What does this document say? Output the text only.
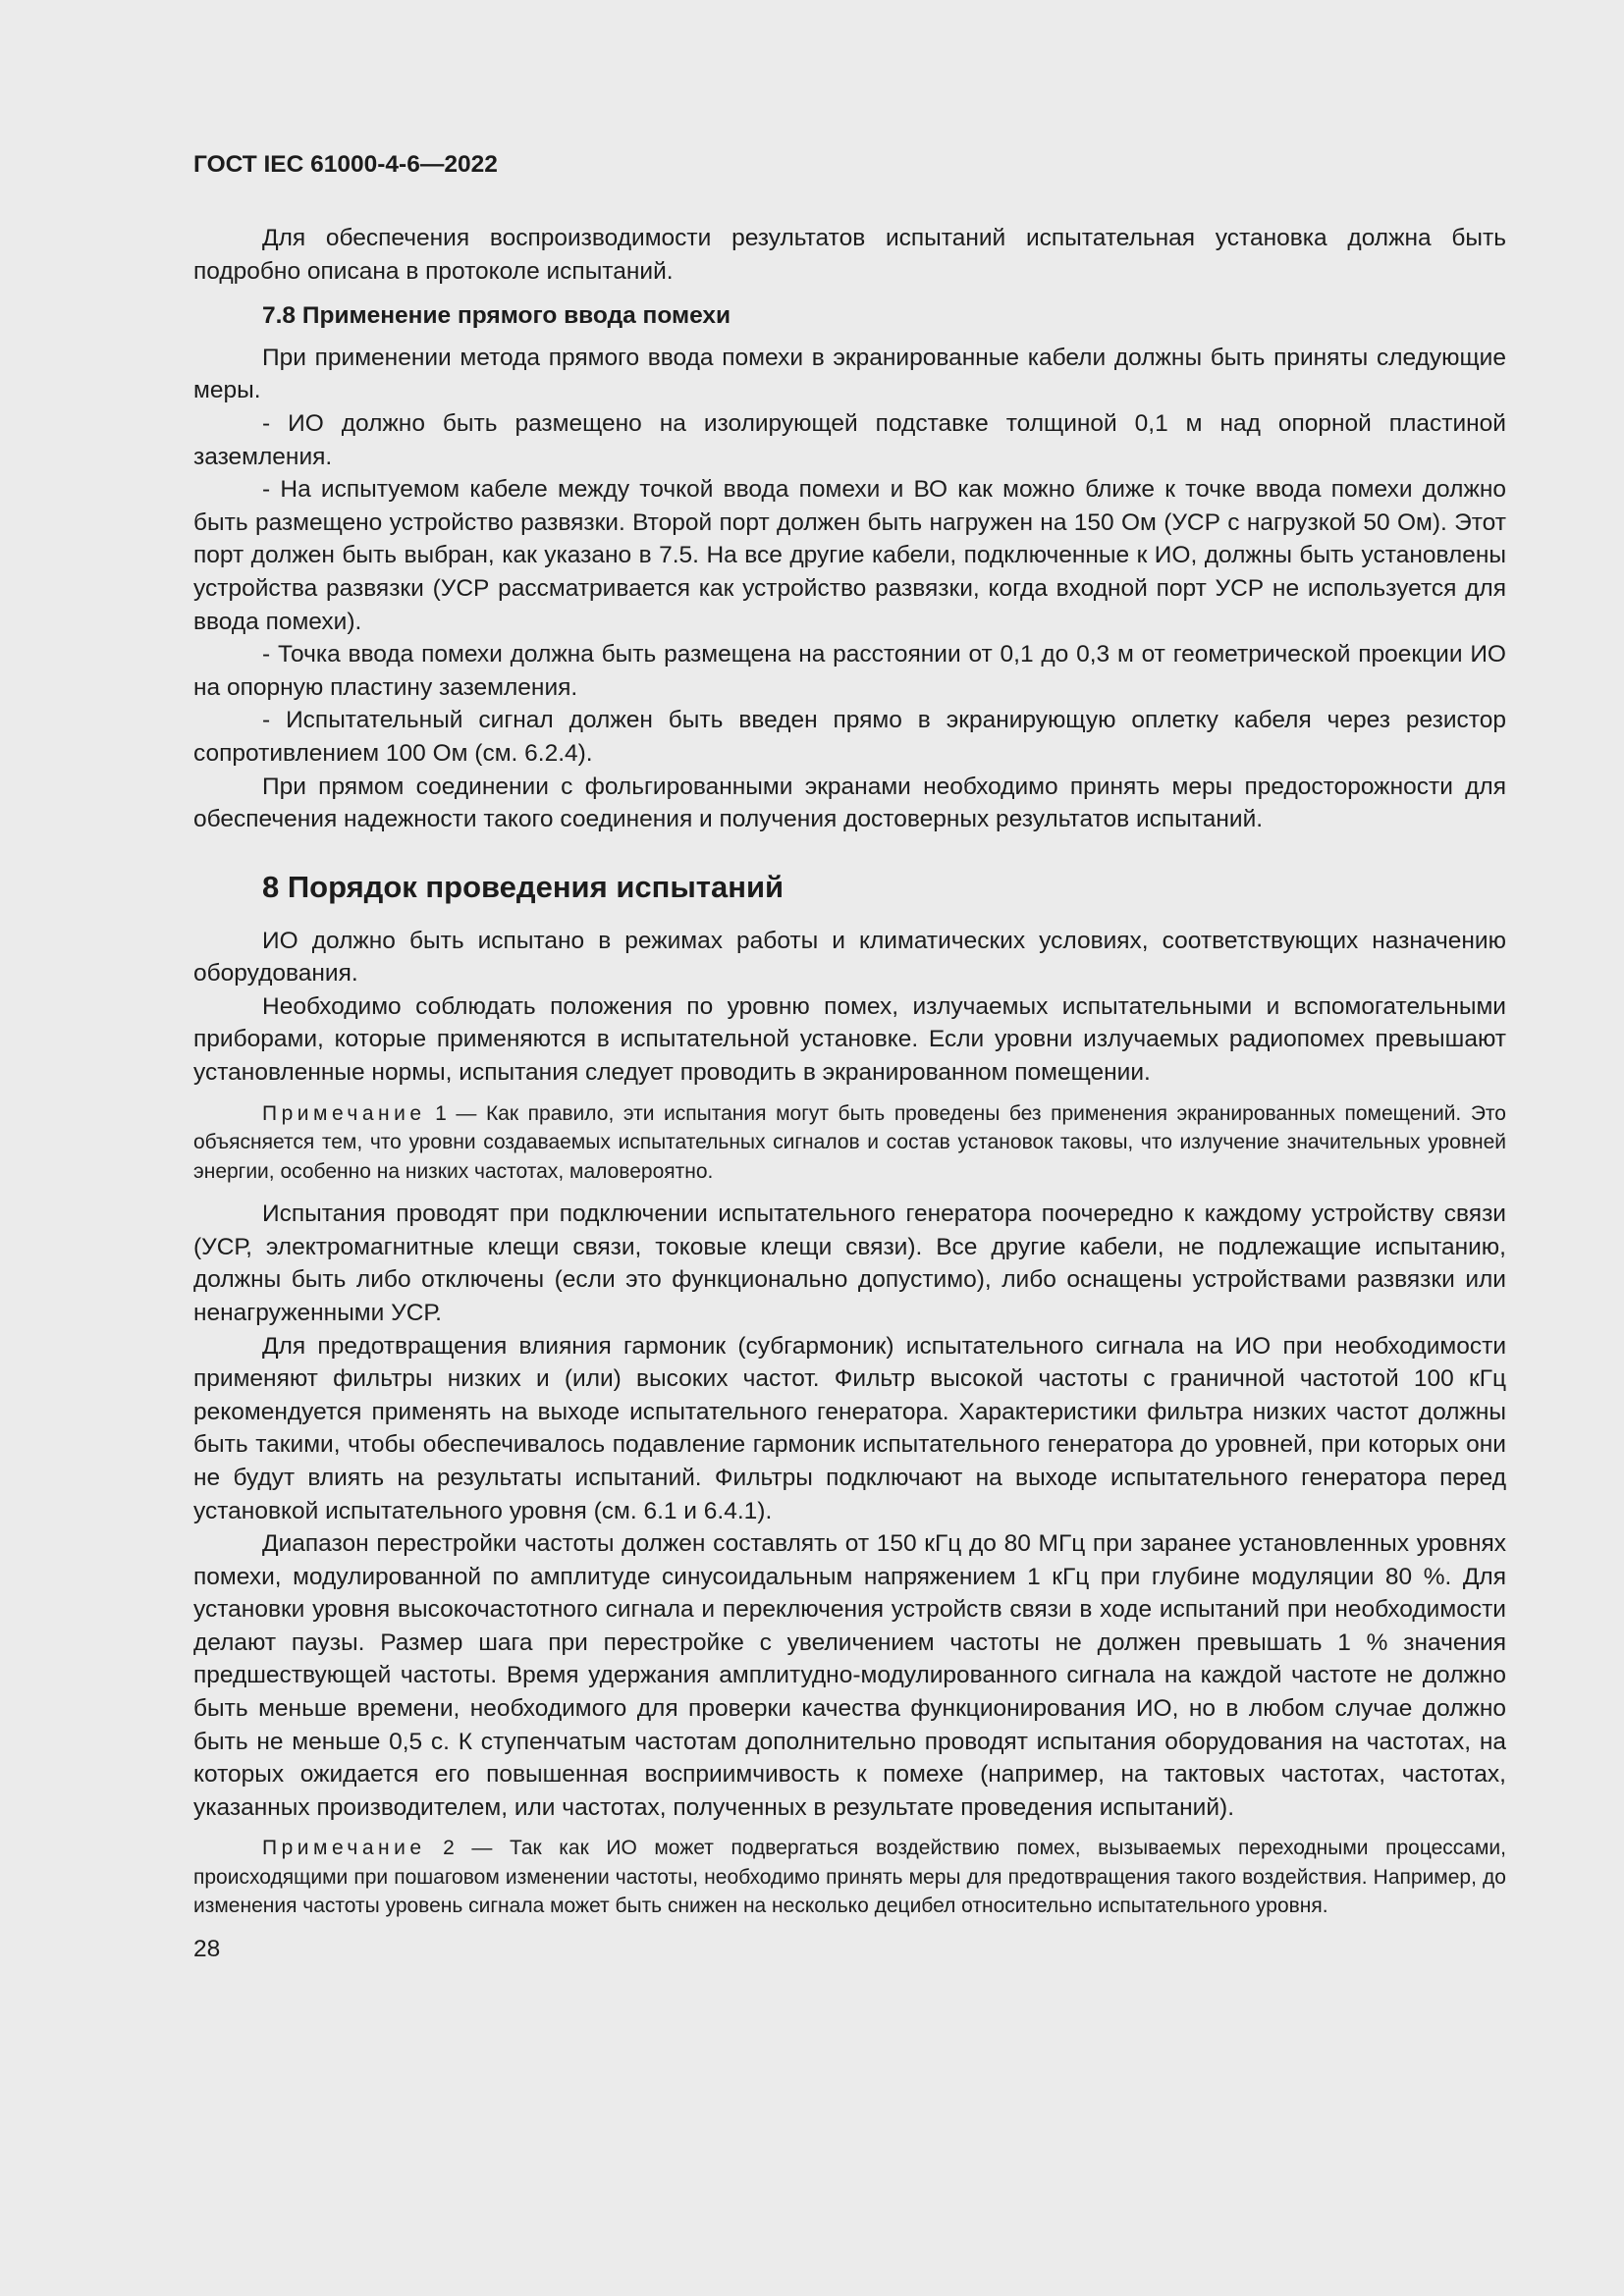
ГОСТ IEC 61000-4-6—2022

Для обеспечения воспроизводимости результатов испытаний испытательная установка должна быть подробно описана в протоколе испытаний.

7.8 Применение прямого ввода помехи

При применении метода прямого ввода помехи в экранированные кабели должны быть приняты следующие меры.

- ИО должно быть размещено на изолирующей подставке толщиной 0,1 м над опорной пластиной заземления.

- На испытуемом кабеле между точкой ввода помехи и ВО как можно ближе к точке ввода помехи должно быть размещено устройство развязки. Второй порт должен быть нагружен на 150 Ом (УСР с нагрузкой 50 Ом). Этот порт должен быть выбран, как указано в 7.5. На все другие кабели, подключенные к ИО, должны быть установлены устройства развязки (УСР рассматривается как устройство развязки, когда входной порт УСР не используется для ввода помехи).

- Точка ввода помехи должна быть размещена на расстоянии от 0,1 до 0,3 м от геометрической проекции ИО на опорную пластину заземления.

- Испытательный сигнал должен быть введен прямо в экранирующую оплетку кабеля через резистор сопротивлением 100 Ом (см. 6.2.4).

При прямом соединении с фольгированными экранами необходимо принять меры предосторожности для обеспечения надежности такого соединения и получения достоверных результатов испытаний.

8 Порядок проведения испытаний

ИО должно быть испытано в режимах работы и климатических условиях, соответствующих назначению оборудования.

Необходимо соблюдать положения по уровню помех, излучаемых испытательными и вспомогательными приборами, которые применяются в испытательной установке. Если уровни излучаемых радиопомех превышают установленные нормы, испытания следует проводить в экранированном помещении.

Примечание 1 — Как правило, эти испытания могут быть проведены без применения экранированных помещений. Это объясняется тем, что уровни создаваемых испытательных сигналов и состав установок таковы, что излучение значительных уровней энергии, особенно на низких частотах, маловероятно.

Испытания проводят при подключении испытательного генератора поочередно к каждому устройству связи (УСР, электромагнитные клещи связи, токовые клещи связи). Все другие кабели, не подлежащие испытанию, должны быть либо отключены (если это функционально допустимо), либо оснащены устройствами развязки или ненагруженными УСР.

Для предотвращения влияния гармоник (субгармоник) испытательного сигнала на ИО при необходимости применяют фильтры низких и (или) высоких частот. Фильтр высокой частоты с граничной частотой 100 кГц рекомендуется применять на выходе испытательного генератора. Характеристики фильтра низких частот должны быть такими, чтобы обеспечивалось подавление гармоник испытательного генератора до уровней, при которых они не будут влиять на результаты испытаний. Фильтры подключают на выходе испытательного генератора перед установкой испытательного уровня (см. 6.1 и 6.4.1).

Диапазон перестройки частоты должен составлять от 150 кГц до 80 МГц при заранее установленных уровнях помехи, модулированной по амплитуде синусоидальным напряжением 1 кГц при глубине модуляции 80 %. Для установки уровня высокочастотного сигнала и переключения устройств связи в ходе испытаний при необходимости делают паузы. Размер шага при перестройке с увеличением частоты не должен превышать 1 % значения предшествующей частоты. Время удержания амплитудно-модулированного сигнала на каждой частоте не должно быть меньше времени, необходимого для проверки качества функционирования ИО, но в любом случае должно быть не меньше 0,5 с. К ступенчатым частотам дополнительно проводят испытания оборудования на частотах, на которых ожидается его повышенная восприимчивость к помехе (например, на тактовых частотах, частотах, указанных производителем, или частотах, полученных в результате проведения испытаний).

Примечание 2 — Так как ИО может подвергаться воздействию помех, вызываемых переходными процессами, происходящими при пошаговом изменении частоты, необходимо принять меры для предотвращения такого воздействия. Например, до изменения частоты уровень сигнала может быть снижен на несколько децибел относительно испытательного уровня.

28
